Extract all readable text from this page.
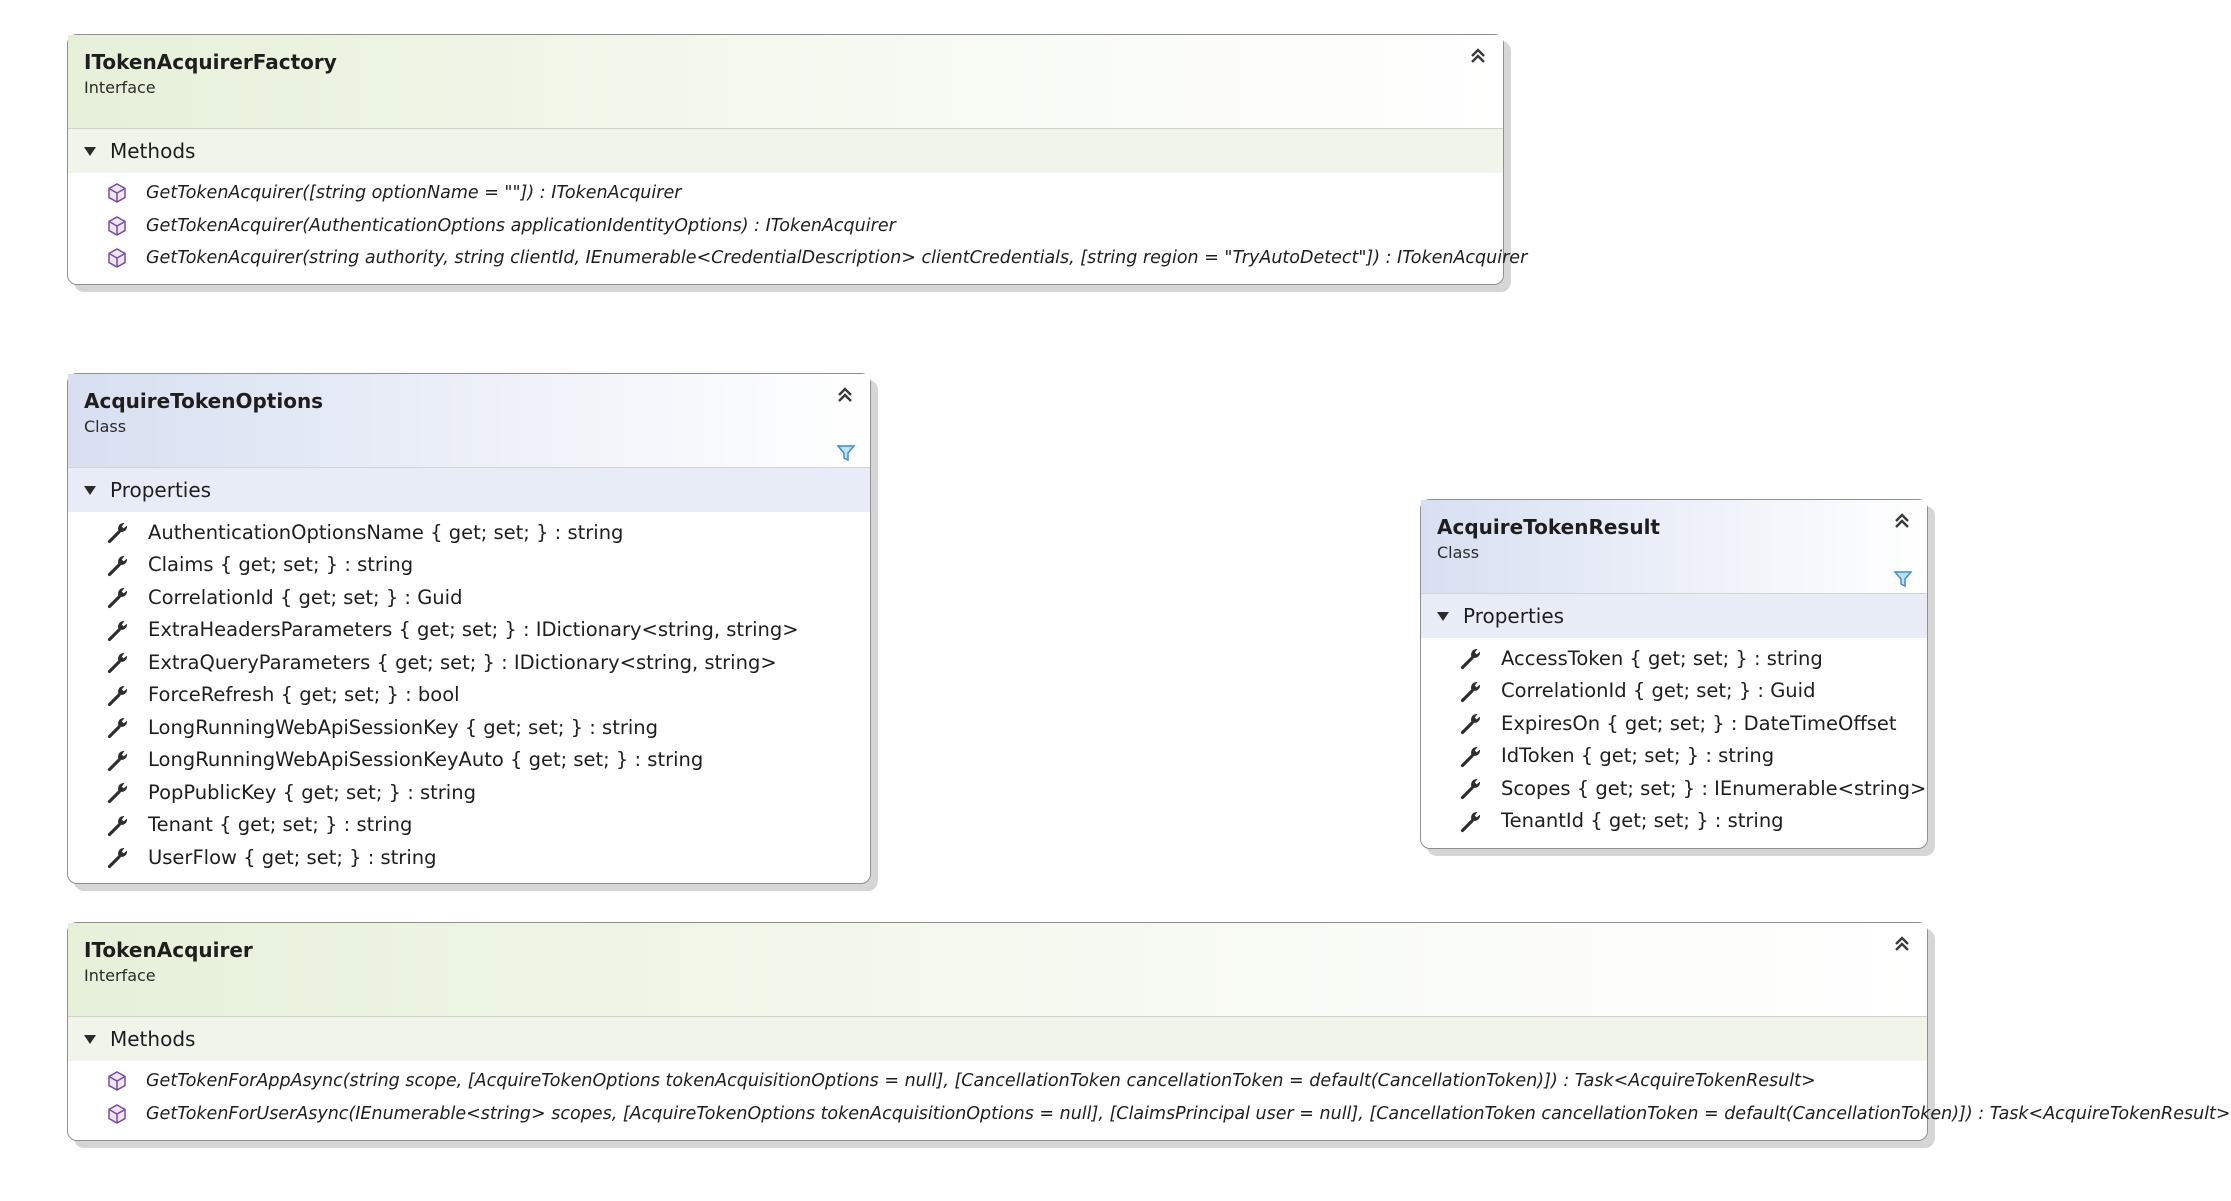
ITokenAcquirerFactory
Interface
Methods
GetTokenAcquirer([string optionName = ""]) : ITokenAcquirer
GetTokenAcquirer(AuthenticationOptions applicationIdentityOptions) : ITokenAcquirer
GetTokenAcquirer(string authority, string clientId, IEnumerable<CredentialDescription> clientCredentials, [string region = "TryAutoDetect"]) : ITokenAcquirer
AcquireTokenOptions
Class
Properties
AuthenticationOptionsName { get; set; } : string
Claims { get; set; } : string
CorrelationId { get; set; } : Guid
ExtraHeadersParameters { get; set; } : IDictionary<string, string>
ExtraQueryParameters { get; set; } : IDictionary<string, string>
ForceRefresh { get; set; } : bool
LongRunningWebApiSessionKey { get; set; } : string
LongRunningWebApiSessionKeyAuto { get; set; } : string
PopPublicKey { get; set; } : string
Tenant { get; set; } : string
UserFlow { get; set; } : string
AcquireTokenResult
Class
Properties
AccessToken { get; set; } : string
CorrelationId { get; set; } : Guid
ExpiresOn { get; set; } : DateTimeOffset
IdToken { get; set; } : string
Scopes { get; set; } : IEnumerable<string>
TenantId { get; set; } : string
ITokenAcquirer
Interface
Methods
GetTokenForAppAsync(string scope, [AcquireTokenOptions tokenAcquisitionOptions = null], [CancellationToken cancellationToken = default(CancellationToken)]) : Task<AcquireTokenResult>
GetTokenForUserAsync(IEnumerable<string> scopes, [AcquireTokenOptions tokenAcquisitionOptions = null], [ClaimsPrincipal user = null], [CancellationToken cancellationToken = default(CancellationToken)]) : Task<AcquireTokenResult>
